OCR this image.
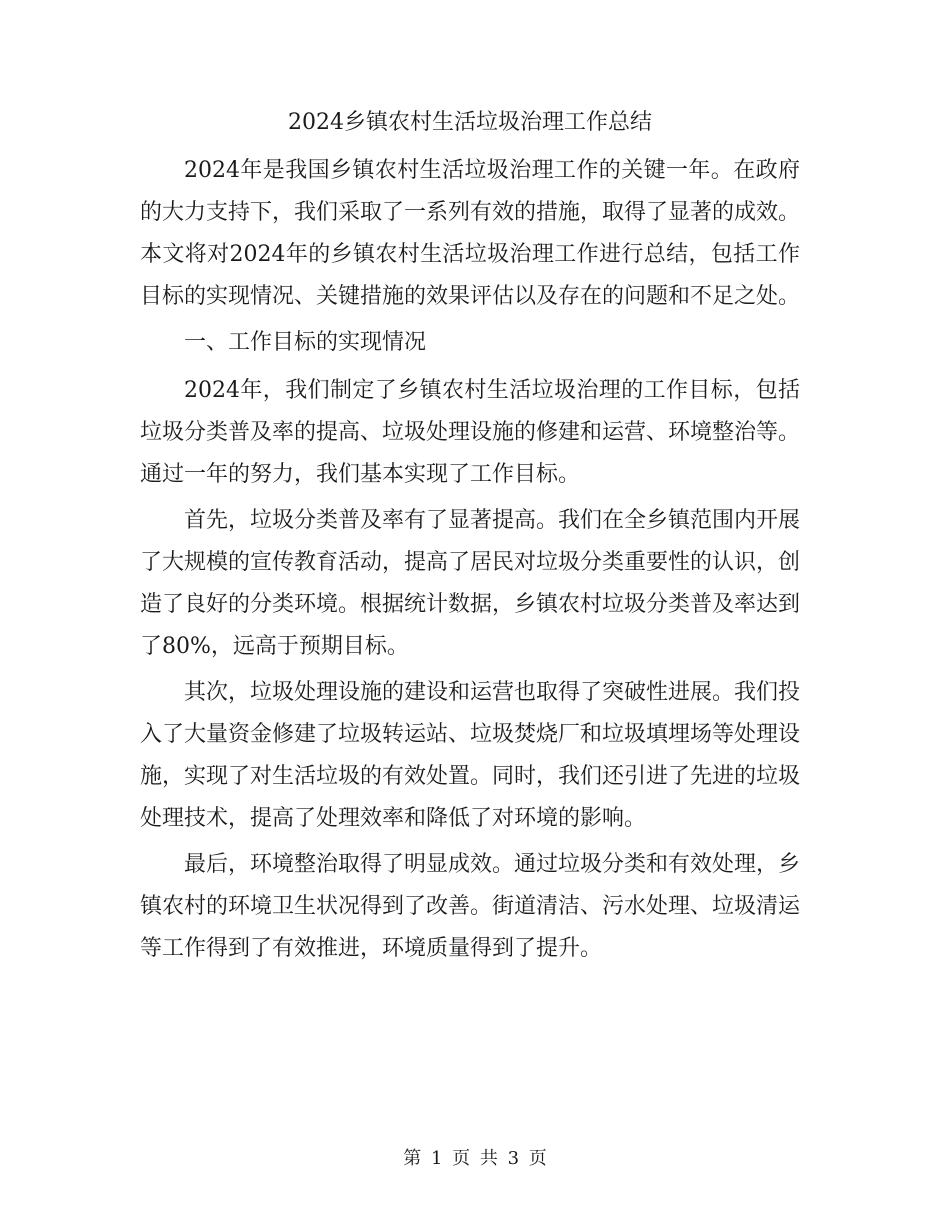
2024乡镇农村生活垃圾治理工作总结

2024年是我国乡镇农村生活垃圾治理工作的关键一年。在政府的大力支持下，我们采取了一系列有效的措施，取得了显著的成效。本文将对2024年的乡镇农村生活垃圾治理工作进行总结，包括工作目标的实现情况、关键措施的效果评估以及存在的问题和不足之处。

一、工作目标的实现情况

2024年，我们制定了乡镇农村生活垃圾治理的工作目标，包括垃圾分类普及率的提高、垃圾处理设施的修建和运营、环境整治等。通过一年的努力，我们基本实现了工作目标。

首先，垃圾分类普及率有了显著提高。我们在全乡镇范围内开展了大规模的宣传教育活动，提高了居民对垃圾分类重要性的认识，创造了良好的分类环境。根据统计数据，乡镇农村垃圾分类普及率达到了80%，远高于预期目标。

其次，垃圾处理设施的建设和运营也取得了突破性进展。我们投入了大量资金修建了垃圾转运站、垃圾焚烧厂和垃圾填埋场等处理设施，实现了对生活垃圾的有效处置。同时，我们还引进了先进的垃圾处理技术，提高了处理效率和降低了对环境的影响。

最后，环境整治取得了明显成效。通过垃圾分类和有效处理，乡镇农村的环境卫生状况得到了改善。街道清洁、污水处理、垃圾清运等工作得到了有效推进，环境质量得到了提升。

第 1 页 共 3 页
